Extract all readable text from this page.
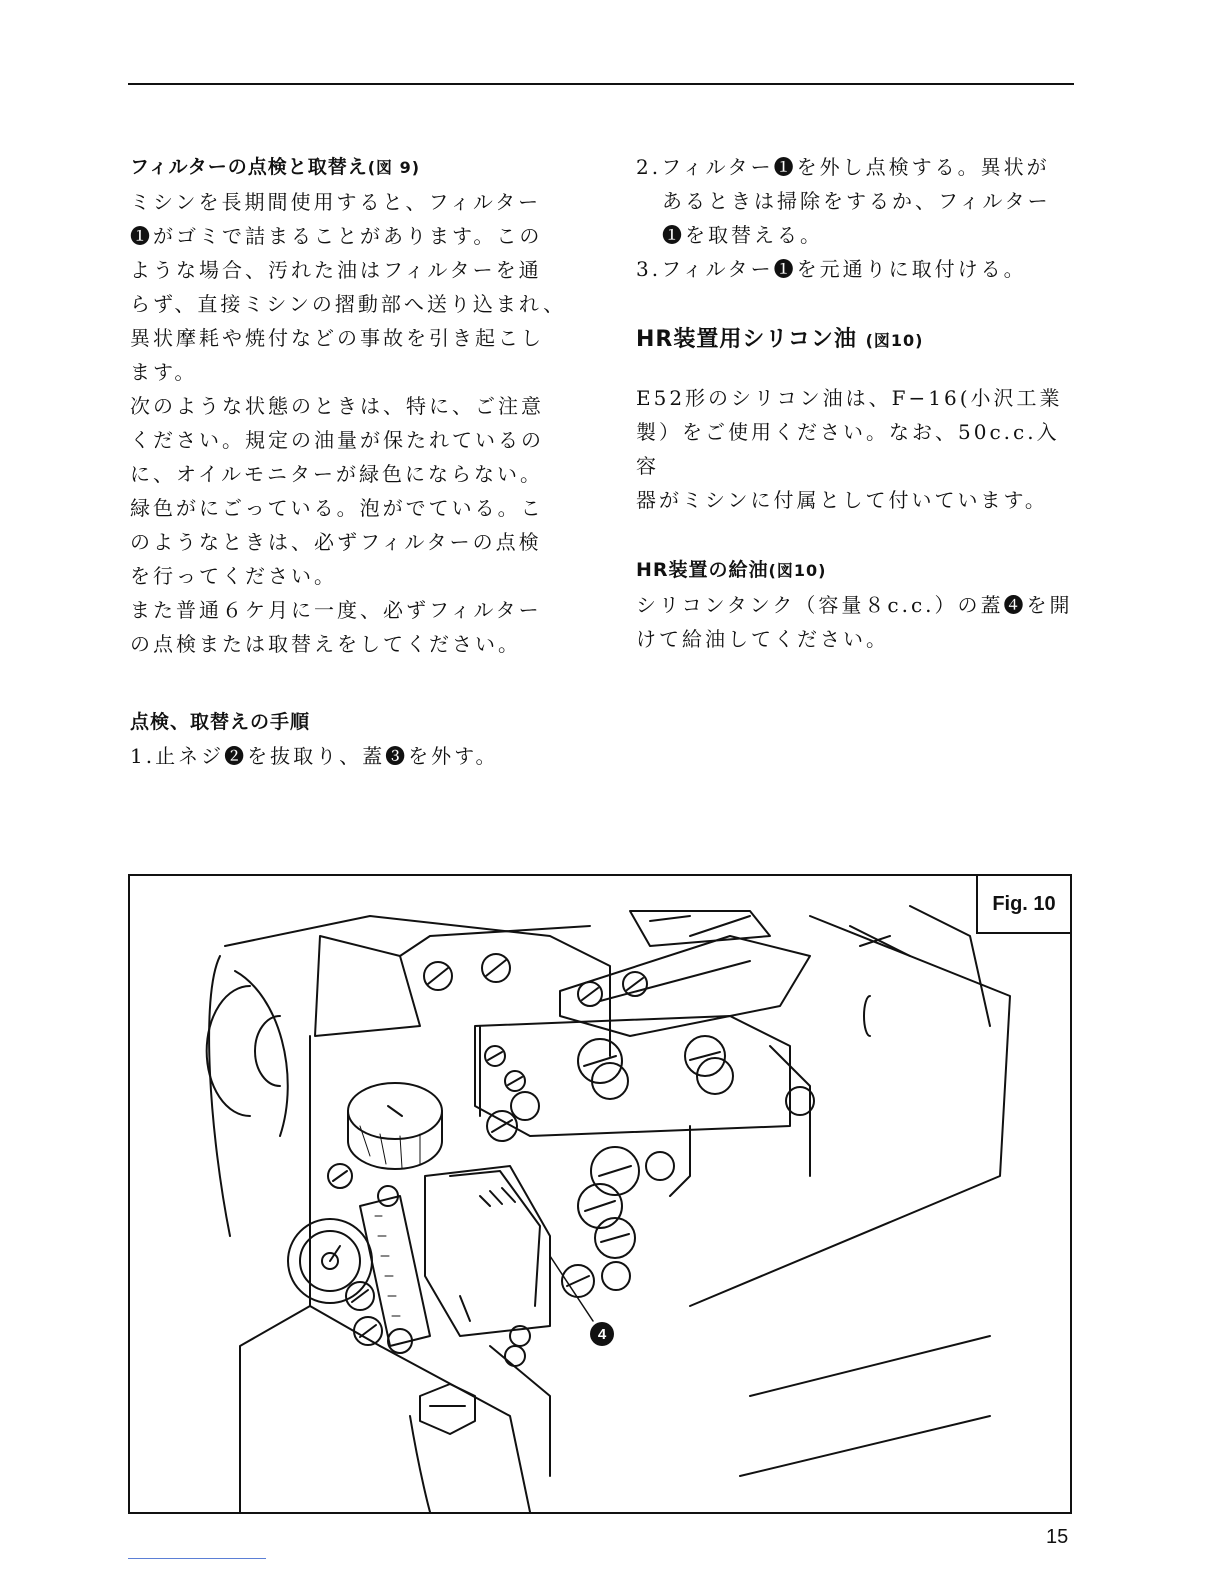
フィルターの点検と取替え(図 9)

ミシンを長期間使用すると、フィルター

❶がゴミで詰まることがあります。この

ような場合、汚れた油はフィルターを通

らず、直接ミシンの摺動部へ送り込まれ、

異状摩耗や焼付などの事故を引き起こし

ます。

次のような状態のときは、特に、ご注意

ください。規定の油量が保たれているの

に、オイルモニターが緑色にならない。

緑色がにごっている。泡がでている。こ

のようなときは、必ずフィルターの点検

を行ってください。

また普通６ケ月に一度、必ずフィルター

の点検または取替えをしてください。

点検、取替えの手順

1.止ネジ❷を抜取り、蓋❸を外す。

2.フィルター❶を外し点検する。異状が

あるときは掃除をするか、フィルター

❶を取替える。

3.フィルター❶を元通りに取付ける。

HR装置用シリコン油 (図10)

E52形のシリコン油は、F−16(小沢工業

製）をご使用ください。なお、50c.c.入容

器がミシンに付属として付いています。

HR装置の給油(図10)

シリコンタンク（容量８c.c.）の蓋❹を開

けて給油してください。

Fig. 10
4
15
